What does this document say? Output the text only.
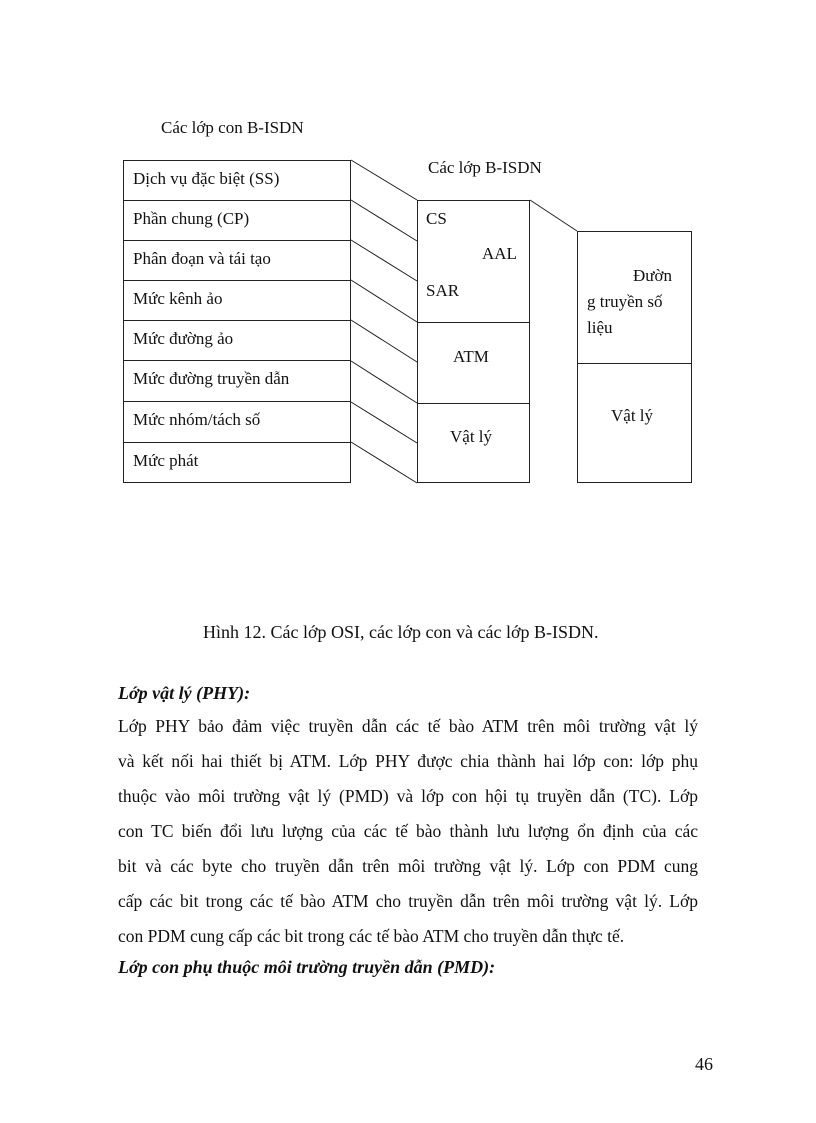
Các lớp con B-ISDN
Các lớp B-ISDN
Dịch vụ đặc biệt (SS)
Phần chung (CP)
Phân đoạn và tái tạo
Mức kênh ảo
Mức đường ảo
Mức đường truyền dẫn
Mức nhóm/tách số
Mức phát
CS
AAL
SAR
ATM
Vật lý
Đườn
g truyền số
liệu
Vật lý
Hình 12. Các lớp OSI, các lớp con và các lớp B-ISDN.
Lớp vật lý (PHY):
Lớp PHY bảo đảm việc truyền dẫn các tế bào ATM trên môi trường vật lý
và kết nối hai thiết bị ATM. Lớp PHY được chia thành hai lớp con: lớp phụ
thuộc vào môi trường vật lý (PMD) và lớp con hội tụ truyền dẫn (TC). Lớp
con TC biến đổi lưu lượng của các tế bào thành lưu lượng ổn định của các
bit và các byte cho truyền dẫn trên môi trường vật lý. Lớp con PDM cung
cấp các bit trong các tế bào ATM cho truyền dẫn trên môi trường vật lý. Lớp
con PDM cung cấp các bit trong các tế bào ATM cho truyền dẫn thực tế.
Lớp con phụ thuộc môi trường truyền dẫn (PMD):
46
